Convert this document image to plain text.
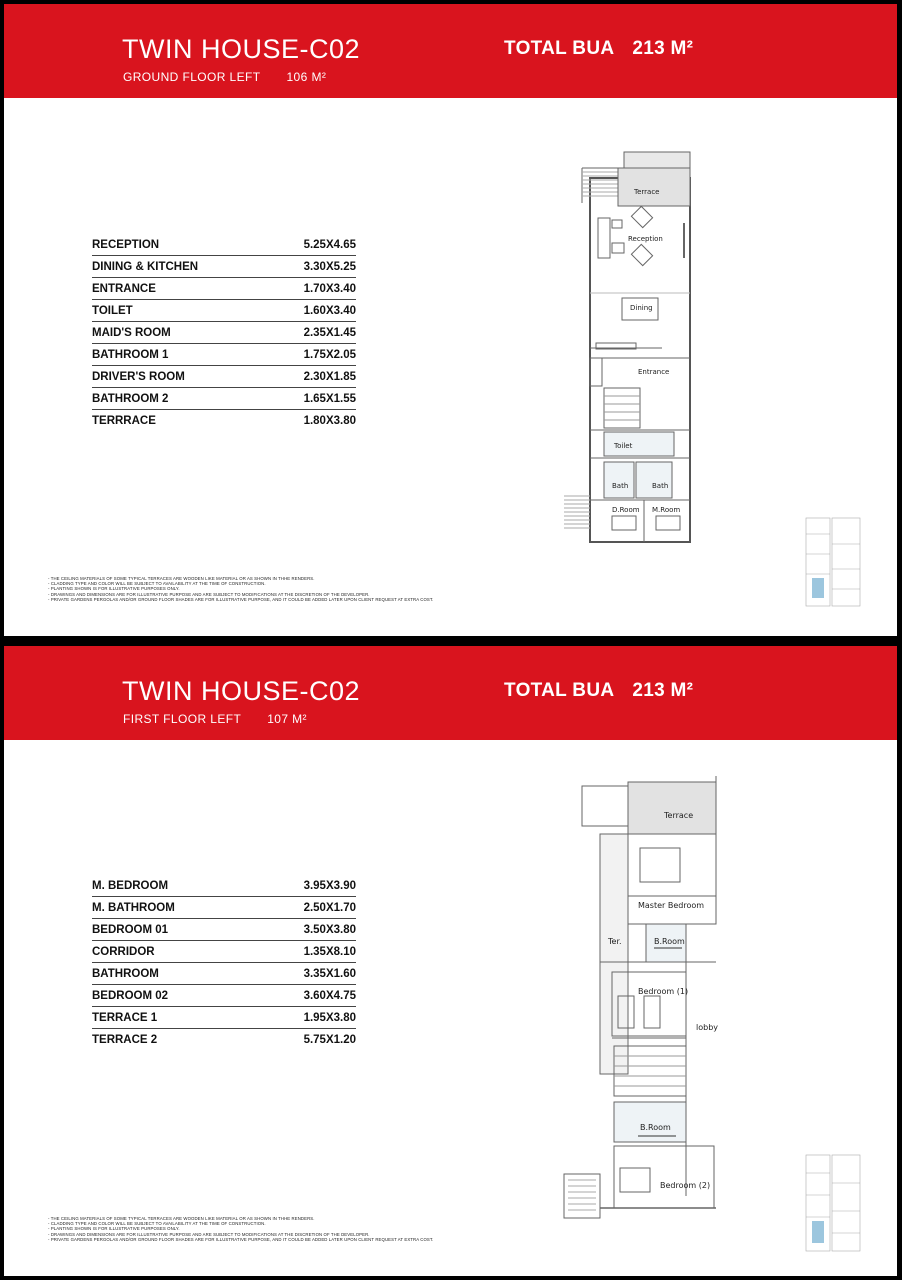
TWIN HOUSE-C02
GROUND FLOOR LEFT 106 M²
TOTAL BUA 213 M²
RECEPTION	5.25X4.65
DINING & KITCHEN	3.30X5.25
ENTRANCE	1.70X3.40
TOILET	1.60X3.40
MAID'S ROOM	2.35X1.45
BATHROOM 1	1.75X2.05
DRIVER'S ROOM	2.30X1.85
BATHROOM 2	1.65X1.55
TERRRACE	1.80X3.80
Terrace
Reception
Dining
Entrance
Toilet
Bath	Bath
D.Room M.Room
- THE CEILING MATERIALS OF SOME TYPICAL TERRACES ARE WOODEN LIKE MATERIAL OR AS SHOWN IN THHE RENDERS.
- CLADDING TYPE AND COLOR WILL BE SUBJECT TO AVAILABILITY AT THE TIME OF CONSTRUCTION.
- PLANTING SHOWN IS FOR ILLUSTRATIVE PURPOSES ONLY.
- DRAWINGS AND DIMENSIONS ARE FOR ILLUSTRATIVE PURPOSE AND ARE SUBJECT TO MODIFICATIONS AT THE DISCRETION OF THE DEVELOPER.
- PRIVATE GARDENS PERGOLAS AND/OR GROUND FLOOR SHADES ARE FOR ILLUSTRATIVE PURPOSE, AND IT COULD BE ADDED LATER UPON CLIENT REQUEST AT EXTRA COST.
TWIN HOUSE-C02
FIRST FLOOR LEFT 107 M²
TOTAL BUA 213 M²
M. BEDROOM	3.95X3.90
M. BATHROOM	2.50X1.70
BEDROOM 01	3.50X3.80
CORRIDOR	1.35X8.10
BATHROOM	3.35X1.60
BEDROOM 02	3.60X4.75
TERRACE 1	1.95X3.80
TERRACE 2	5.75X1.20
Terrace
Master Bedroom
Ter.	B.Room
Bedroom (1)
lobby
B.Room
Bedroom (2)
- THE CEILING MATERIALS OF SOME TYPICAL TERRACES ARE WOODEN LIKE MATERIAL OR AS SHOWN IN THHE RENDERS.
- CLADDING TYPE AND COLOR WILL BE SUBJECT TO AVAILABILITY AT THE TIME OF CONSTRUCTION.
- PLANTING SHOWN IS FOR ILLUSTRATIVE PURPOSES ONLY.
- DRAWINGS AND DIMENSIONS ARE FOR ILLUSTRATIVE PURPOSE AND ARE SUBJECT TO MODIFICATIONS AT THE DISCRETION OF THE DEVELOPER.
- PRIVATE GARDENS PERGOLAS AND/OR GROUND FLOOR SHADES ARE FOR ILLUSTRATIVE PURPOSE, AND IT COULD BE ADDED LATER UPON CLIENT REQUEST AT EXTRA COST.
